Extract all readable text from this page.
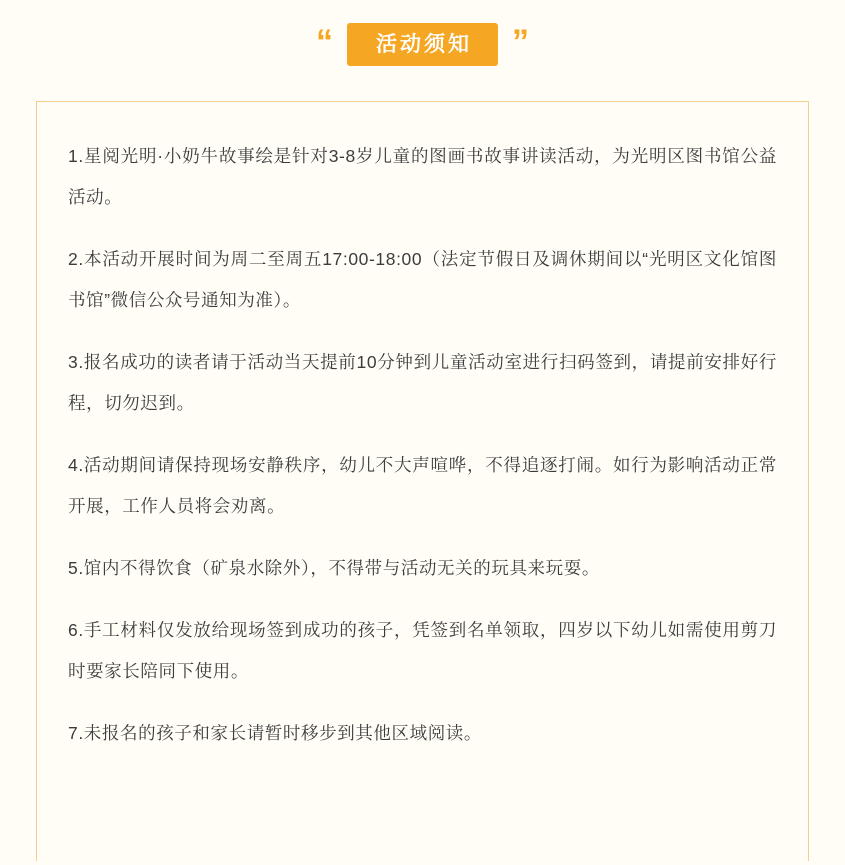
“	活动须知	”

1.星阅光明·小奶牛故事绘是针对3-8岁儿童的图画书故事讲读活动，为光明区图书馆公益活动。

2.本活动开展时间为周二至周五17:00-18:00（法定节假日及调休期间以“光明区文化馆图书馆”微信公众号通知为准）。

3.报名成功的读者请于活动当天提前10分钟到儿童活动室进行扫码签到，请提前安排好行程，切勿迟到。

4.活动期间请保持现场安静秩序，幼儿不大声喧哗，不得追逐打闹。如行为影响活动正常开展，工作人员将会劝离。

5.馆内不得饮食（矿泉水除外），不得带与活动无关的玩具来玩耍。

6.手工材料仅发放给现场签到成功的孩子，凭签到名单领取，四岁以下幼儿如需使用剪刀时要家长陪同下使用。

7.未报名的孩子和家长请暂时移步到其他区域阅读。
